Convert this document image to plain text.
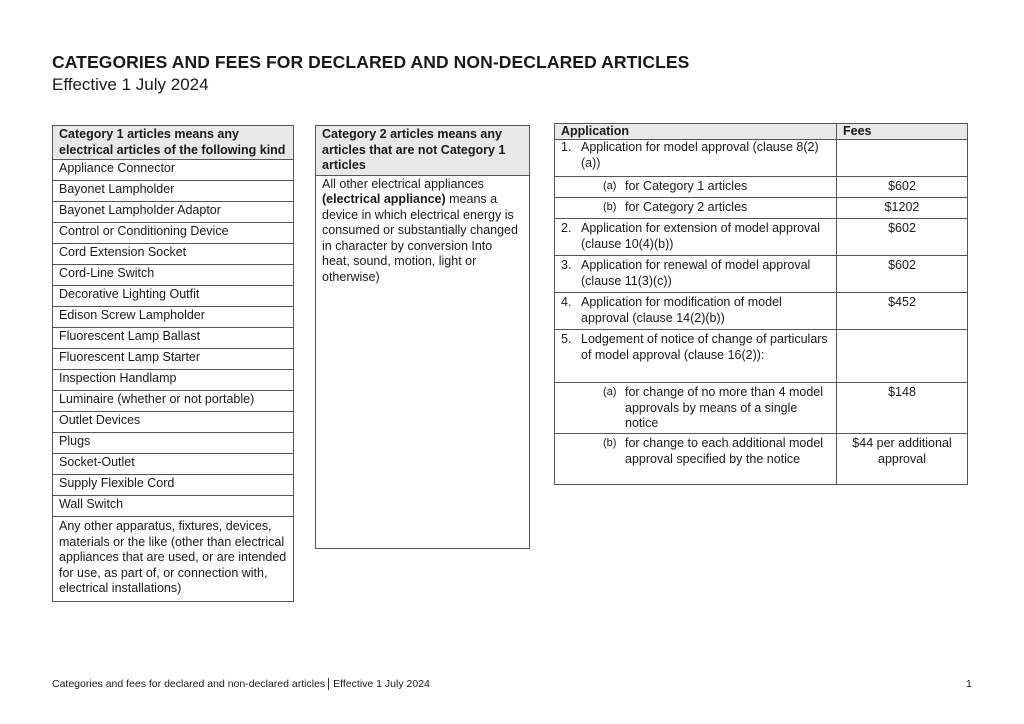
CATEGORIES AND FEES FOR DECLARED AND NON-DECLARED ARTICLES
Effective 1 July 2024
Category 1 articles means any electrical articles of the following kind
Appliance Connector
Bayonet Lampholder
Bayonet Lampholder Adaptor
Control or Conditioning Device
Cord Extension Socket
Cord-Line Switch
Decorative Lighting Outfit
Edison Screw Lampholder
Fluorescent Lamp Ballast
Fluorescent Lamp Starter
Inspection Handlamp
Luminaire (whether or not portable)
Outlet Devices
Plugs
Socket-Outlet
Supply Flexible Cord
Wall Switch
Any other apparatus, fixtures, devices, materials or the like (other than electrical appliances that are used, or are intended for use, as part of, or connection with, electrical installations)
Category 2 articles means any articles that are not Category 1 articles
All other electrical appliances (electrical appliance) means a device in which electrical energy is consumed or substantially changed in character by conversion Into heat, sound, motion, light or otherwise)
Application	Fees

1. Application for model approval (clause 8(2)(a))	

(a) for Category 1 articles	$602

(b) for Category 2 articles	$1202

2. Application for extension of model approval (clause 10(4)(b))	$602

3. Application for renewal of model approval (clause 11(3)(c))	$602

4. Application for modification of model approval (clause 14(2)(b))	$452

5. Lodgement of notice of change of particulars of model approval (clause 16(2)):	

(a) for change of no more than 4 model approvals by means of a single notice	$148

(b) for change to each additional model approval specified by the notice	$44 per additional approval
Categories and fees for declared and non-declared articles Effective 1 July 2024	1
